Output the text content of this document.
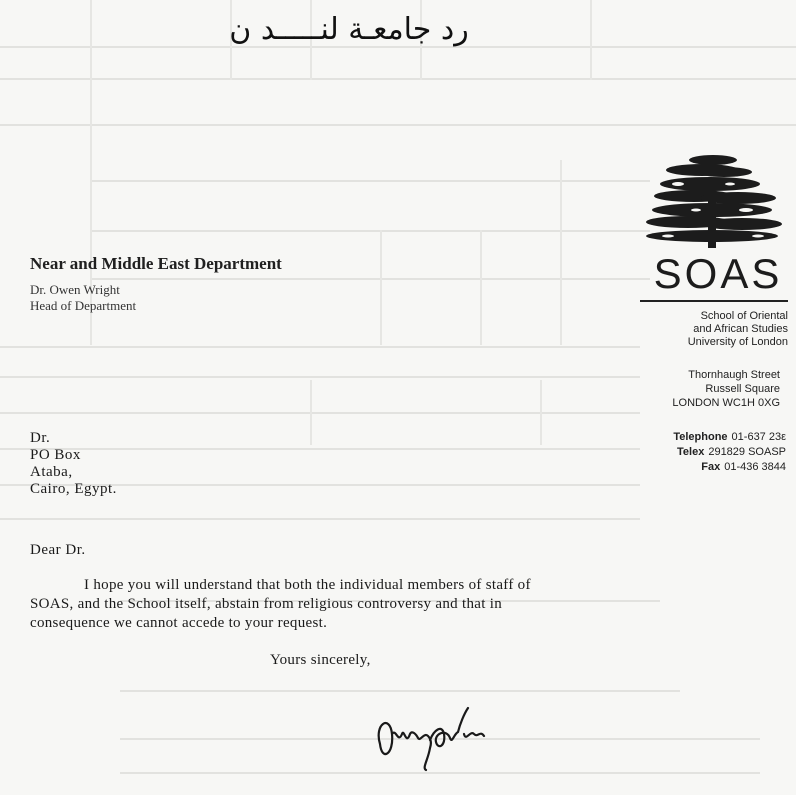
رد جامعـة لنـــــد ن
Near and Middle East Department
Dr. Owen Wright
Head of Department
SOAS
School of Oriental
and African Studies
University of London
Thornhaugh Street
Russell Square
LONDON WC1H 0XG
Telephone 01-637 23ε
Telex 291829 SOASP
Fax 01-436 3844
Dr.
PO Box
Ataba,
Cairo, Egypt.
Dear Dr.
I hope you will understand that both the individual members of staff of
SOAS, and the School itself, abstain from religious controversy and that in
consequence we cannot accede to your request.
Yours sincerely,
